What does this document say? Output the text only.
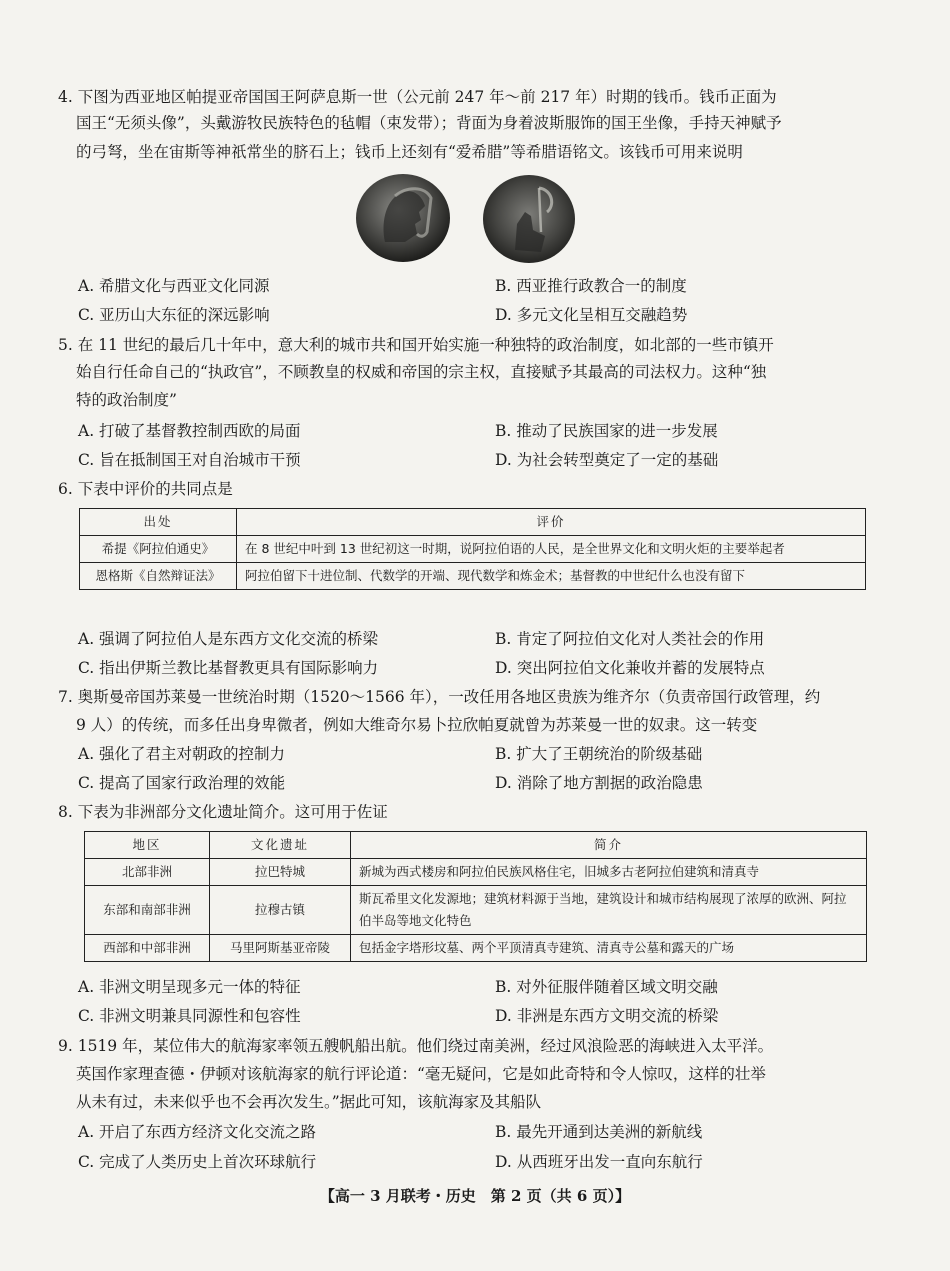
4. 下图为西亚地区帕提亚帝国国王阿萨息斯一世（公元前 247 年～前 217 年）时期的钱币。钱币正面为
国王“无须头像”，头戴游牧民族特色的毡帽（束发带）；背面为身着波斯服饰的国王坐像，手持天神赋予
的弓弩，坐在宙斯等神祇常坐的脐石上；钱币上还刻有“爱希腊”等希腊语铭文。该钱币可用来说明
A. 希腊文化与西亚文化同源	B. 西亚推行政教合一的制度
C. 亚历山大东征的深远影响	D. 多元文化呈相互交融趋势
5. 在 11 世纪的最后几十年中，意大利的城市共和国开始实施一种独特的政治制度，如北部的一些市镇开
始自行任命自己的“执政官”，不顾教皇的权威和帝国的宗主权，直接赋予其最高的司法权力。这种“独
特的政治制度”
A. 打破了基督教控制西欧的局面	B. 推动了民族国家的进一步发展
C. 旨在抵制国王对自治城市干预	D. 为社会转型奠定了一定的基础
6. 下表中评价的共同点是
出处	评价
希提《阿拉伯通史》	在 8 世纪中叶到 13 世纪初这一时期，说阿拉伯语的人民，是全世界文化和文明火炬的主要举起者
恩格斯《自然辩证法》	阿拉伯留下十进位制、代数学的开端、现代数学和炼金术；基督教的中世纪什么也没有留下
A. 强调了阿拉伯人是东西方文化交流的桥梁	B. 肯定了阿拉伯文化对人类社会的作用
C. 指出伊斯兰教比基督教更具有国际影响力	D. 突出阿拉伯文化兼收并蓄的发展特点
7. 奥斯曼帝国苏莱曼一世统治时期（1520～1566 年），一改任用各地区贵族为维齐尔（负责帝国行政管理，约
9 人）的传统，而多任出身卑微者，例如大维奇尔易卜拉欣帕夏就曾为苏莱曼一世的奴隶。这一转变
A. 强化了君主对朝政的控制力	B. 扩大了王朝统治的阶级基础
C. 提高了国家行政治理的效能	D. 消除了地方割据的政治隐患
8. 下表为非洲部分文化遗址简介。这可用于佐证
地区	文化遗址	简介
北部非洲	拉巴特城	新城为西式楼房和阿拉伯民族风格住宅，旧城多古老阿拉伯建筑和清真寺
东部和南部非洲	拉穆古镇	斯瓦希里文化发源地；建筑材料源于当地，建筑设计和城市结构展现了浓厚的欧洲、阿拉伯半岛等地文化特色
西部和中部非洲	马里阿斯基亚帝陵	包括金字塔形坟墓、两个平顶清真寺建筑、清真寺公墓和露天的广场
A. 非洲文明呈现多元一体的特征	B. 对外征服伴随着区域文明交融
C. 非洲文明兼具同源性和包容性	D. 非洲是东西方文明交流的桥梁
9. 1519 年，某位伟大的航海家率领五艘帆船出航。他们绕过南美洲，经过风浪险恶的海峡进入太平洋。
英国作家理查德・伊顿对该航海家的航行评论道：“毫无疑问，它是如此奇特和令人惊叹，这样的壮举
从未有过，未来似乎也不会再次发生。”据此可知，该航海家及其船队
A. 开启了东西方经济文化交流之路	B. 最先开通到达美洲的新航线
C. 完成了人类历史上首次环球航行	D. 从西班牙出发一直向东航行
【高一 3 月联考・历史　第 2 页（共 6 页）】
